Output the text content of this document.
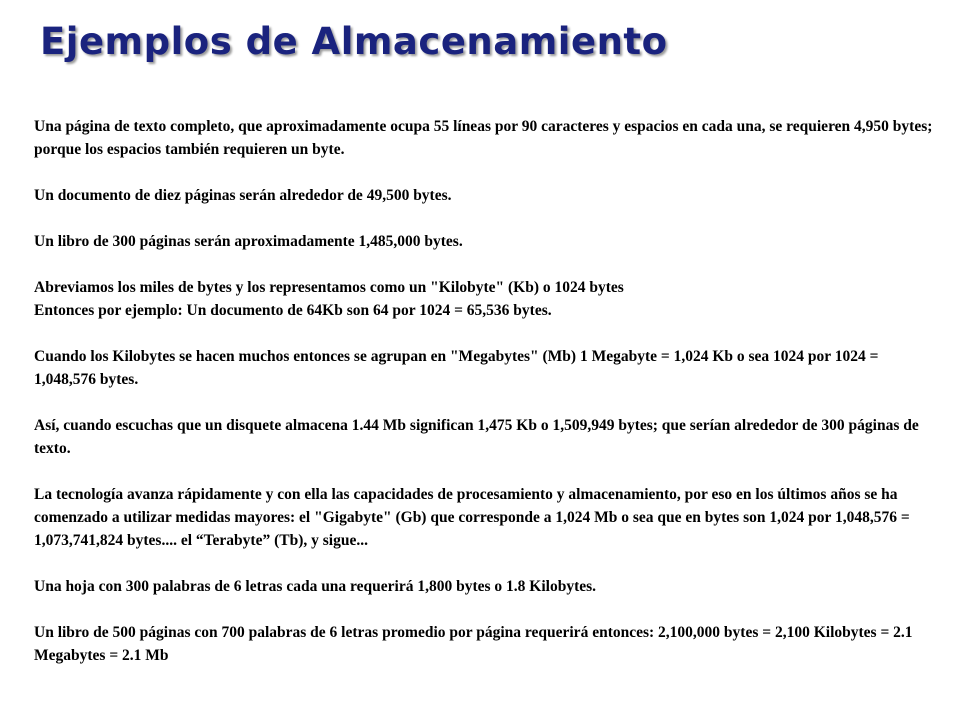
Ejemplos de Almacenamiento

Una página de texto completo, que aproximadamente ocupa 55 líneas por 90 caracteres y espacios en cada una, se requieren 4,950 bytes; porque los espacios también requieren un byte.

Un documento de diez páginas serán alrededor de 49,500 bytes.

Un libro de 300 páginas serán aproximadamente 1,485,000 bytes.

Abreviamos los miles de bytes y los representamos como un "Kilobyte" (Kb) o 1024 bytes
Entonces por ejemplo: Un documento de 64Kb son 64 por 1024 = 65,536 bytes.

Cuando los Kilobytes se hacen muchos entonces se agrupan en "Megabytes" (Mb) 1 Megabyte = 1,024 Kb o sea 1024 por 1024 = 1,048,576 bytes.

Así, cuando escuchas que un disquete almacena 1.44 Mb significan 1,475 Kb o 1,509,949 bytes; que serían alrededor de 300 páginas de texto.

La tecnología avanza rápidamente y con ella las capacidades de procesamiento y almacenamiento, por eso en los últimos años se ha comenzado a utilizar medidas mayores: el "Gigabyte" (Gb) que corresponde a 1,024 Mb o sea que en bytes son 1,024 por 1,048,576 = 1,073,741,824 bytes.... el “Terabyte” (Tb), y sigue...

Una hoja con 300 palabras de 6 letras cada una requerirá 1,800 bytes o 1.8 Kilobytes.

Un libro de 500 páginas con 700 palabras de 6 letras promedio por página requerirá entonces: 2,100,000 bytes = 2,100 Kilobytes = 2.1 Megabytes = 2.1 Mb
